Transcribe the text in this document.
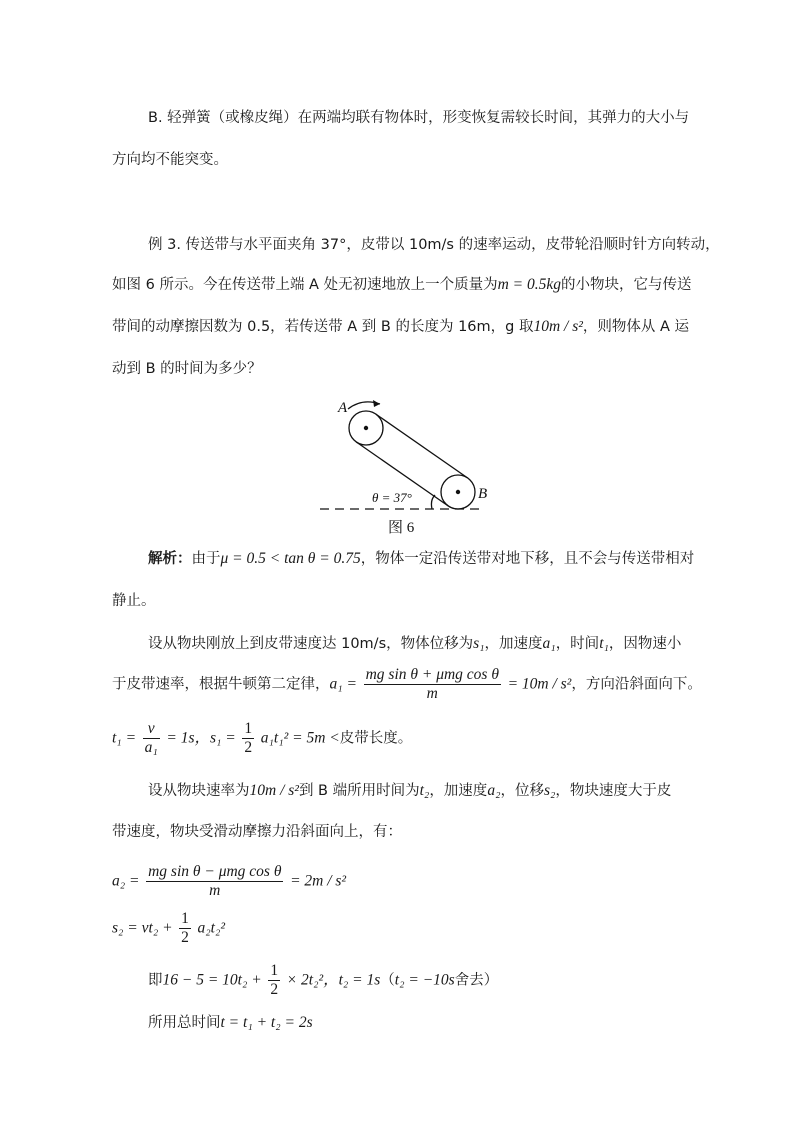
B. 轻弹簧（或橡皮绳）在两端均联有物体时，形变恢复需较长时间，其弹力的大小与
方向均不能突变。
例 3. 传送带与水平面夹角 37°，皮带以 10m/s 的速率运动，皮带轮沿顺时针方向转动，
如图 6 所示。今在传送带上端 A 处无初速地放上一个质量为m = 0.5kg的小物块，它与传送
带间的动摩擦因数为 0.5，若传送带 A 到 B 的长度为 16m，g 取10m / s²，则物体从 A 运
动到 B 的时间为多少？
A
B
θ = 37°
图 6
解析：由于μ = 0.5 < tan θ = 0.75，物体一定沿传送带对地下移，且不会与传送带相对
静止。
设从物块刚放上到皮带速度达 10m/s，物体位移为s₁，加速度a₁，时间t₁，因物速小
于皮带速率，根据牛顿第二定律，$a_1 = \frac{\text{mg sin θ + μmg cos θ}}{m} = 10m / s^2$，方向沿斜面向下。
$t_1 = \frac{v}{\text{a₁}} = 1s$，$s_1 = \frac{1}{2} a_1t_1^2 = 5m$ <皮带长度。
设从物块速率为10m / s²到 B 端所用时间为t₂，加速度a₂，位移s₂，物块速度大于皮
带速度，物块受滑动摩擦力沿斜面向上，有：
$a_2 = \frac{\text{mg sin θ − μmg cos θ}}{m} = 2m / s^2$
$s_2 = vt_2 + \frac{1}{2} a_2t_2^2$
即$16 - 5 = 10t_2 + \frac{1}{2} \times 2t_2^2$，t₂ = 1s（t₂ = −10s舍去）
所用总时间t = t₁ + t₂ = 2s
